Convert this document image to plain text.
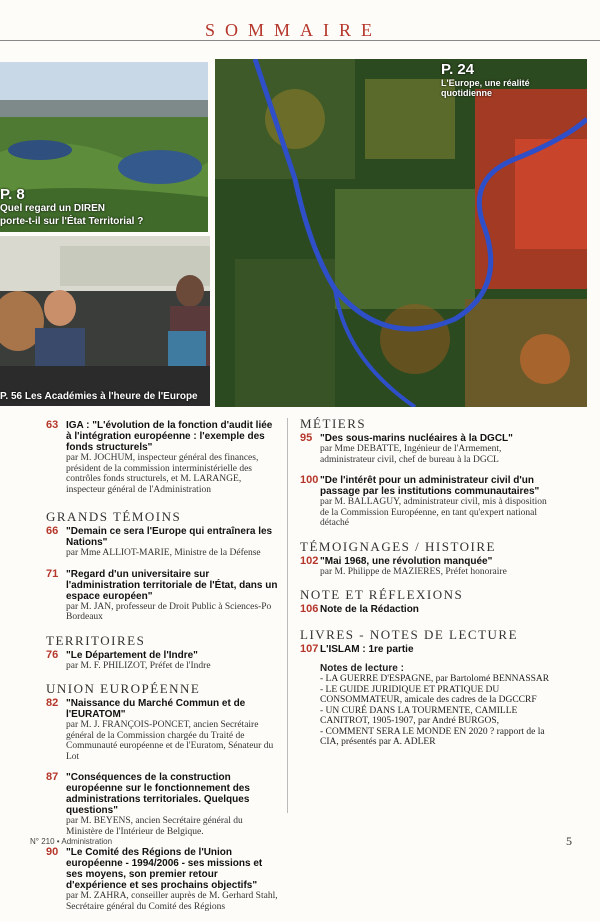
SOMMAIRE
P. 8
Quel regard un DIREN
porte-t-il sur l'État Territorial ?
P. 56 Les Académies à l'heure de l'Europe
P. 24
L'Europe, une réalité
quotidienne
63 IGA : "L'évolution de la fonction d'audit liée à l'intégration européenne : l'exemple des fonds structurels"
par M. JOCHUM, inspecteur général des finances, président de la commission interministérielle des contrôles fonds structurels, et M. LARANGE, inspecteur général de l'Administration
GRANDS TÉMOINS
66 "Demain ce sera l'Europe qui entraînera les Nations"
par Mme ALLIOT-MARIE, Ministre de la Défense
71 "Regard d'un universitaire sur l'administration territoriale de l'État, dans un espace européen"
par M. JAN, professeur de Droit Public à Sciences-Po Bordeaux
TERRITOIRES
76 "Le Département de l'Indre"
par M. F. PHILIZOT, Préfet de l'Indre
UNION EUROPÉENNE
82 "Naissance du Marché Commun et de l'EURATOM"
par M. J. FRANÇOIS-PONCET, ancien Secrétaire général de la Commission chargée du Traité de Communauté européenne et de l'Euratom, Sénateur du Lot
87 "Conséquences de la construction européenne sur le fonctionnement des administrations territoriales. Quelques questions"
par M. BEYENS, ancien Secrétaire général du Ministère de l'Intérieur de Belgique.
90 "Le Comité des Régions de l'Union européenne - 1994/2006 - ses missions et ses moyens, son premier retour d'expérience et ses prochains objectifs"
par M. ZAHRA, conseiller auprès de M. Gerhard Stahl, Secrétaire général du Comité des Régions
MÉTIERS
95 "Des sous-marins nucléaires à la DGCL"
par Mme DEBATTE, Ingénieur de l'Armement, administrateur civil, chef de bureau à la DGCL
100 "De l'intérêt pour un administrateur civil d'un passage par les institutions communautaires"
par M. BALLAGUY, administrateur civil, mis à disposition de la Commission Européenne, en tant qu'expert national détaché
TÉMOIGNAGES / HISTOIRE
102 "Mai 1968, une révolution manquée"
par M. Philippe de MAZIERES, Préfet honoraire
NOTE ET RÉFLEXIONS
106 Note de la Rédaction
LIVRES - NOTES DE LECTURE
107 L'ISLAM : 1re partie
Notes de lecture :
- LA GUERRE D'ESPAGNE, par Bartolomé BENNASSAR
- LE GUIDE JURIDIQUE ET PRATIQUE DU CONSOMMATEUR, amicale des cadres de la DGCCRF
- UN CURÉ DANS LA TOURMENTE, CAMILLE CANITROT, 1905-1907, par André BURGOS,
- COMMENT SERA LE MONDE EN 2020 ? rapport de la CIA, présentés par A. ADLER
N° 210 • Administration	5
